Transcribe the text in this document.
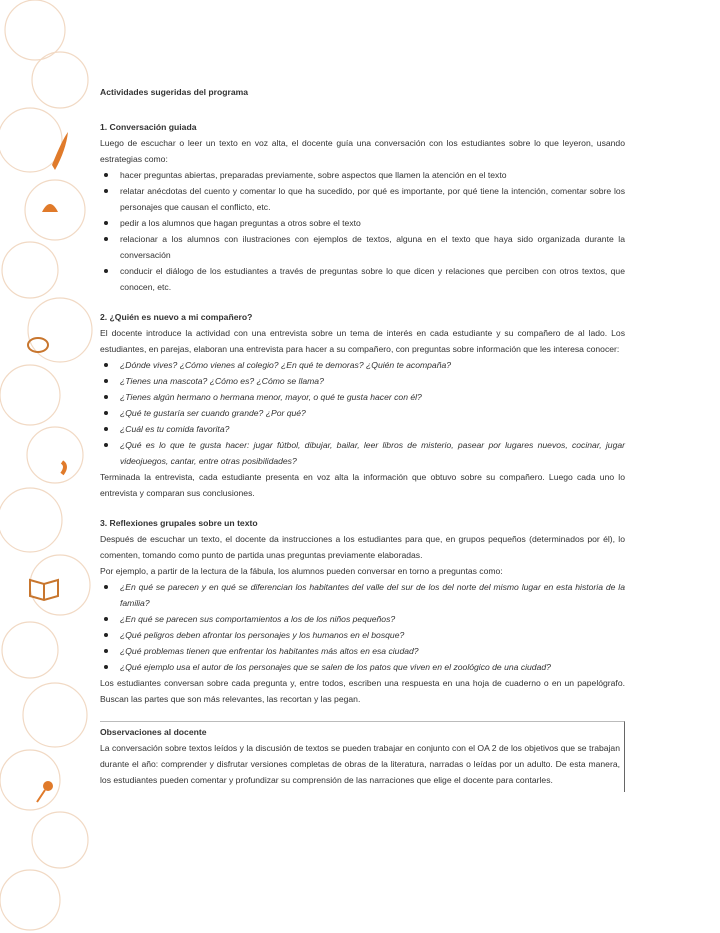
Actividades sugeridas del programa
1. Conversación guiada

Luego de escuchar o leer un texto en voz alta, el docente guía una conversación con los estudiantes sobre lo que leyeron, usando estrategias como:

hacer preguntas abiertas, preparadas previamente, sobre aspectos que llamen la atención en el texto
relatar anécdotas del cuento y comentar lo que ha sucedido, por qué es importante, por qué tiene la intención, comentar sobre los personajes que causan el conflicto, etc.
pedir a los alumnos que hagan preguntas a otros sobre el texto
relacionar a los alumnos con ilustraciones con ejemplos de textos, alguna en el texto que haya sido organizada durante la conversación
conducir el diálogo de los estudiantes a través de preguntas sobre lo que dicen y relaciones que perciben con otros textos, que conocen, etc.
2. ¿Quién es nuevo a mi compañero?

El docente introduce la actividad con una entrevista sobre un tema de interés en cada estudiante y su compañero de al lado. Los estudiantes, en parejas, elaboran una entrevista para hacer a su compañero, con preguntas sobre información que les interesa conocer:

¿Dónde vives? ¿Cómo vienes al colegio? ¿En qué te demoras? ¿Quién te acompaña?
¿Tienes una mascota? ¿Cómo es? ¿Cómo se llama?
¿Tienes algún hermano o hermana menor, mayor, o qué te gusta hacer con él?
¿Qué te gustaría ser cuando grande? ¿Por qué?
¿Cuál es tu comida favorita?
¿Qué es lo que te gusta hacer: jugar fútbol, dibujar, bailar, leer libros de misterio, pasear por lugares nuevos, cocinar, jugar videojuegos, cantar, entre otras posibilidades?

Terminada la entrevista, cada estudiante presenta en voz alta la información que obtuvo sobre su compañero. Luego cada uno lo entrevista y comparan sus conclusiones.

3. Reflexiones grupales sobre un texto

Después de escuchar un texto, el docente da instrucciones a los estudiantes para que, en grupos pequeños (determinados por él), lo comenten, tomando como punto de partida unas preguntas previamente elaboradas.

Por ejemplo, a partir de la lectura de la fábula, los alumnos pueden conversar en torno a preguntas como:

¿En qué se parecen y en qué se diferencian los habitantes del valle del sur de los del norte del mismo lugar en esta historia de la familia?
¿En qué se parecen sus comportamientos a los de los niños pequeños?
¿Qué peligros deben afrontar los personajes y los humanos en el bosque?
¿Qué problemas tienen que enfrentar los habitantes más altos en esa ciudad?
¿Qué ejemplo usa el autor de los personajes que se salen de los patos que viven en el zoológico de una ciudad?

Los estudiantes conversan sobre cada pregunta y, entre todos, escriben una respuesta en una hoja de cuaderno o en un papelógrafo. Buscan las partes que son más relevantes, las recortan y las pegan.

Observaciones al docente

La conversación sobre textos leídos y la discusión de textos se pueden trabajar en conjunto con el OA 2 de los objetivos que se trabajan durante el año: comprender y disfrutar versiones completas de obras de la literatura, narradas o leídas por un adulto. De esta manera, los estudiantes pueden comentar y profundizar su comprensión de las narraciones que elige el docente para contarles.
